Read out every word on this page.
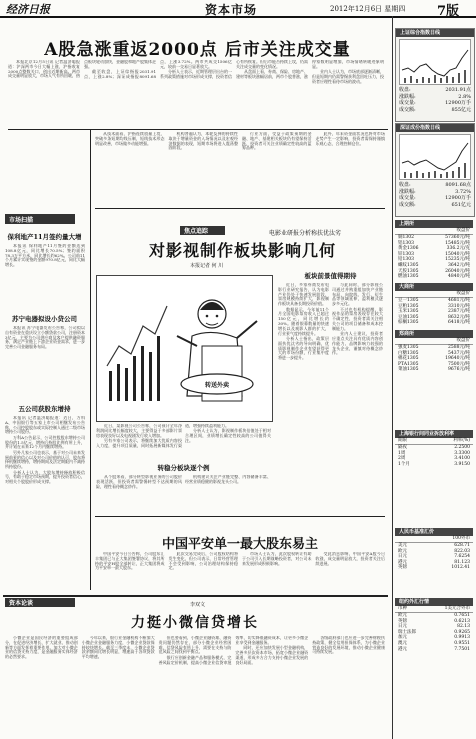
经济日报	资本市场	2012年12月6日 星期四 7版
A股急涨重返2000点 后市关注成交量

本报北京12月5日讯 记者温济聪报道：沪深两市今日大幅上涨，沪指收复2000点整数关口，创出近期新高。两市成交量明显放大，市场人气有所回暖，热点板块轮动加快，金融股和地产股集体走强。

截至收盘，上证综指报2031.91点，上涨2.8%；深证成指报8091.68点，上涨3.72%。两市共成交1506亿元，较前一交易日显著放大。

分析人士表示，近期管理层出台的一系列政策措施对市场形成支撑，投资者信心有所恢复。但后市能否持续上攻，仍需关注成交量的变化情况。

从盘面上看，券商、保险、房地产、建材等板块涨幅居前，两市个股普涨，涨停家数明显增加，市场情绪转暖迹象明显。

业内人士认为，市场底部逐渐清晰，但是短期内仍需警惕获利盘回吐压力，投资者应理性看待市场的波动。

市场扫描
保利地产11月签约量大增

本报讯 保利地产11月签约金额达到108.8亿元，同比增长70.5%；签约面积78.3万平方米，同比增长约62%。公司前11个月累计实现签约金额970.8亿元，同比大幅增长。

苏宁电器拟设小贷公司

本报讯 苏宁电器发布公告称，公司拟以自有资金在重庆设立小额贷款公司，注册资本3亿元，主要为公司供应商及客户提供融资服务，满足产业链上下游企业资金需求，进一步完善公司金融服务布局。

五公司获股东增持

本报讯 记者温济聪报道：近日，万科A、中国银行等五家上市公司相继发布公告称，公司控股股东或实际控制人通过二级市场增持公司股份。

万科A公告显示，公司控股股东增持公司股份约1.5亿元，增持后持股比例有所上升，并计划在未来12个月内继续增持。

另外几家公司也表示，基于对公司未来发展前景的信心以及对公司价值的认可，股东将择机继续增持，增持期间及法定期限内不减持所持股份。

分析人士认为，大股东增持释放积极信号，有助于稳定市场预期，提升投资者信心，对相关个股股价形成支撑。

从技术面看，沪指连续放量上攻，突破多条短期均线压制，短线技术形态明显改善，市场做多动能增强。

机构普遍认为，本轮反弹的持续性取决于增量资金的入场情况以及宏观经济数据的表现，短期市场将进入震荡整固阶段。

行业方面，受益于政策预期的金融、地产、基建相关板块仍有望保持活跃，投资者可关注业绩确定性较高的蓝筹品种。

此外，年末资金面状况也将对市场走势产生一定影响，投资者需保持谨慎乐观心态，合理控制仓位。

焦点追踪	电影业研报分析称扶优汰劣
对影视制作板块影响几何
本报记者 何 川
转送外卖
板块前景值得期待

近日，多家券商发布电影行业研究报告，认为电影产业仍处于快速发展阶段，票房规模持续扩大，影视制作板块具备长期投资价值。

数据显示，今年前11个月全国电影票房收入已超过150亿元，同比增长约30%。随着银幕数量的快速增长以及观影人群的扩大，行业景气度持续提升。

分析人士指出，政策层面扶优汰劣的导向明确，优质影视制作企业有望获得更大的市场份额，行业集中度将进一步提升。

与此同时，部分影视公司通过并购重组加快产业链布局，向院线、发行、衍生品等领域延伸，盈利模式逐步多元化。

不过也有机构提醒，影视作品的票房表现存在较大不确定性，投资者需关注相关公司的项目储备和成本控制能力。

业内人士建议，投资者应重点关注具有优质内容创作能力、品牌影响力较强的龙头企业，谨慎对待概念炒作。

近日，某影视公司公告称，公司预计全年净利润同比增长幅度较大，主要得益于多部影片票房表现良好以及电视剧发行收入增加。

另有多家公司表示，将继续加大优质内容投入力度，提升项目质量，同时拓展新媒体发行渠道，增强持续盈利能力。

分析人士认为，影视制作板块估值处于相对合理区间，业绩增长确定性较高的公司值得关注。

转稳分板块逐个例

从个股来看，部分转型影视业务的公司股价表现活跃，但投资者需警惕转型不达预期的风险，理性看待概念炒作。

机构建议关注产业链完整、内容储备丰富、经营业绩稳健的影视龙头公司。

中国平安单一最大股东易主

中国平安今日公告称，公司股东汇丰集团已与正大集团签署协议，将其所持的平安H股全部转让，正大集团将成为平安单一最大股东。

此次交易完成后，公司股权结构将发生变化，但公司表示，日常经营管理不会受到影响，公司治理结构保持稳定。

市场人士认为，此次股权转让有助于公司引入长期战略投资者，对公司未来发展形成积极影响。

受此消息影响，中国平安A股今日收涨，成交量明显放大，投资者关注后续进展。

资本论谈	李双文
力挺小微信贷增长

小微企业是国民经济的重要组成部分，在促进经济增长、扩大就业、推动创新等方面发挥着重要作用。加大对小微企业的信贷支持力度，是金融服务实体经济的必然要求。

今年以来，银行业金融机构不断加大小微企业金融服务力度，小微企业贷款保持较快增长。截至三季度末，小微企业贷款余额同比增长明显，增速高于各项贷款平均增速。

但也要看到，小微企业融资难、融资贵问题仍然存在，部分小微企业经营困难，信贷风险有所上升，需要在支持与防范风险之间找到平衡点。

银行应创新金融产品和服务模式，完善风险定价机制，提高小微企业信贷审批效率，切实降低融资成本，让更多小微企业享受到金融服务。

同时，还应加快发展小型金融机构，完善多层次资本市场，拓宽小微企业融资渠道，形成多方合力支持小微企业发展的良好局面。

各级政府部门也应进一步完善财税扶持政策，健全信用担保体系，为小微企业营造良好的发展环境，推动小微企业健康可持续发展。

上证综合指数日线
收盘:	2031.91点
涨跌幅:	2.8%
成交量:	12900万手
成交额:	855亿元
深证成份指数日线
收盘:	8091.68点
涨跌幅:	3.72%
成交量:	12900万手
成交额:	651亿元
上期所
收盘价
铜1302	57360元/吨
铝1303	15485元/吨
黄金1306	336.2元/克
锌1303	15040元/吨
铅1303	15235元/吨
螺纹1305	3642元/吨
天胶1305	26040元/吨
燃油1305	4840元/吨
大商所
收盘价
豆一1305	4681元/吨
豆粕1305	3310元/吨
玉米1305	2387元/吨
豆油1305	8632元/吨
棕榈1305	6418元/吨
郑商所
收盘价
强麦1305	2588元/吨
白糖1305	5437元/吨
棉花1305	19640元/吨
PTA1305	7500元/吨
菜油1305	9676元/吨
上海银行间同业拆放利率
期限	利率(%)
隔夜	2.2500
1周	3.3300
2周	3.4100
1个月	3.9150
人民币基准汇价
100外币
美元	628.71
欧元	822.03
日元	7.6254
港元	81.123
英镑	1012.41
纽约外汇行情
币种	1美元合外币
欧元	0.7651
英镑	0.6213
日元	82.13
瑞士法郎	0.9265
加元	0.9913
澳元	0.9551
港元	7.7501
